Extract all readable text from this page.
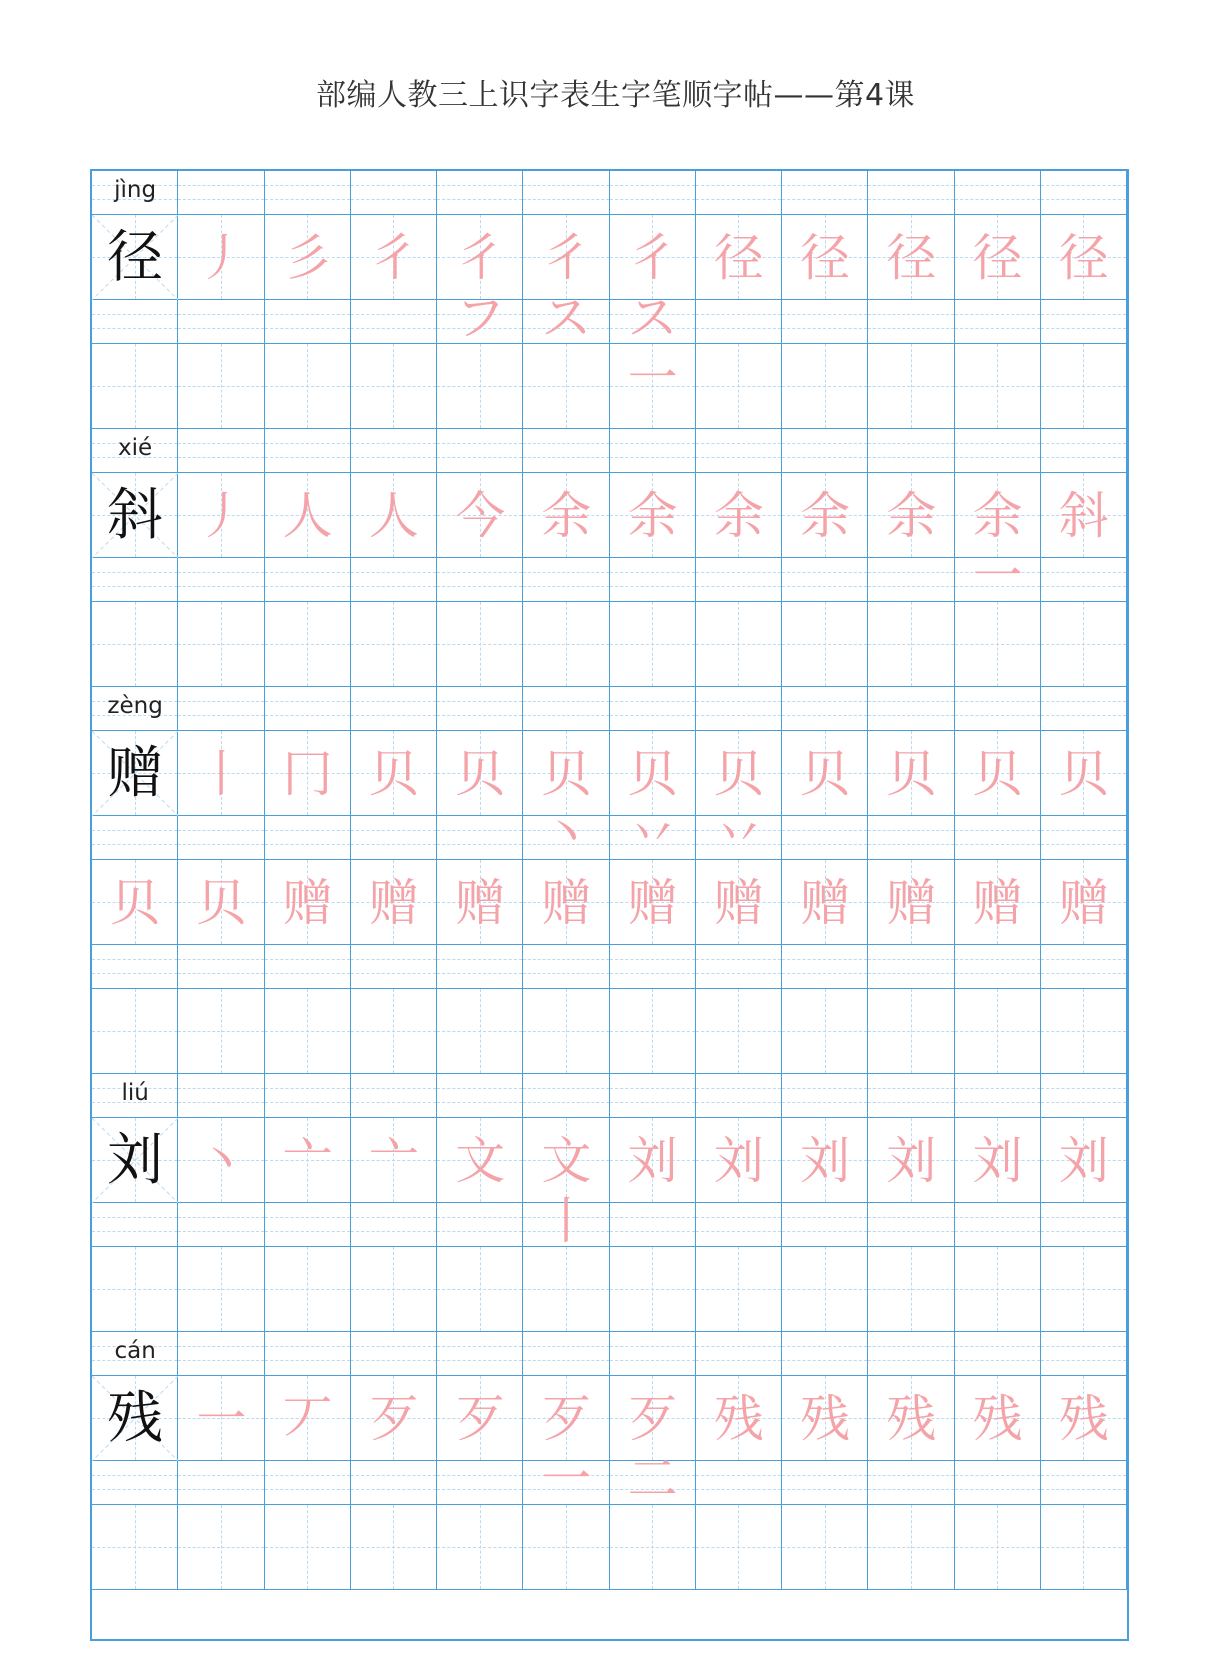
部编人教三上识字表生字笔顺字帖——第4课
jìng
径 丿 彡 彳 彳フ
彳ス
彳ス一
径 径 径 径 径
xié
斜 丿 人 人 今 余 余 余 余 余 余一
斜
zèng
赠 丨 冂 贝 贝 贝丶
贝丷
贝丷
贝 贝 贝 贝
贝 贝 赠 赠 赠 赠 赠 赠 赠 赠 赠 赠
liú
刘 丶 亠 亠 文 文丨
刘 刘 刘 刘 刘 刘
cán
残 一 丆 歹 歹 歹一
歹二
残 残 残 残 残
